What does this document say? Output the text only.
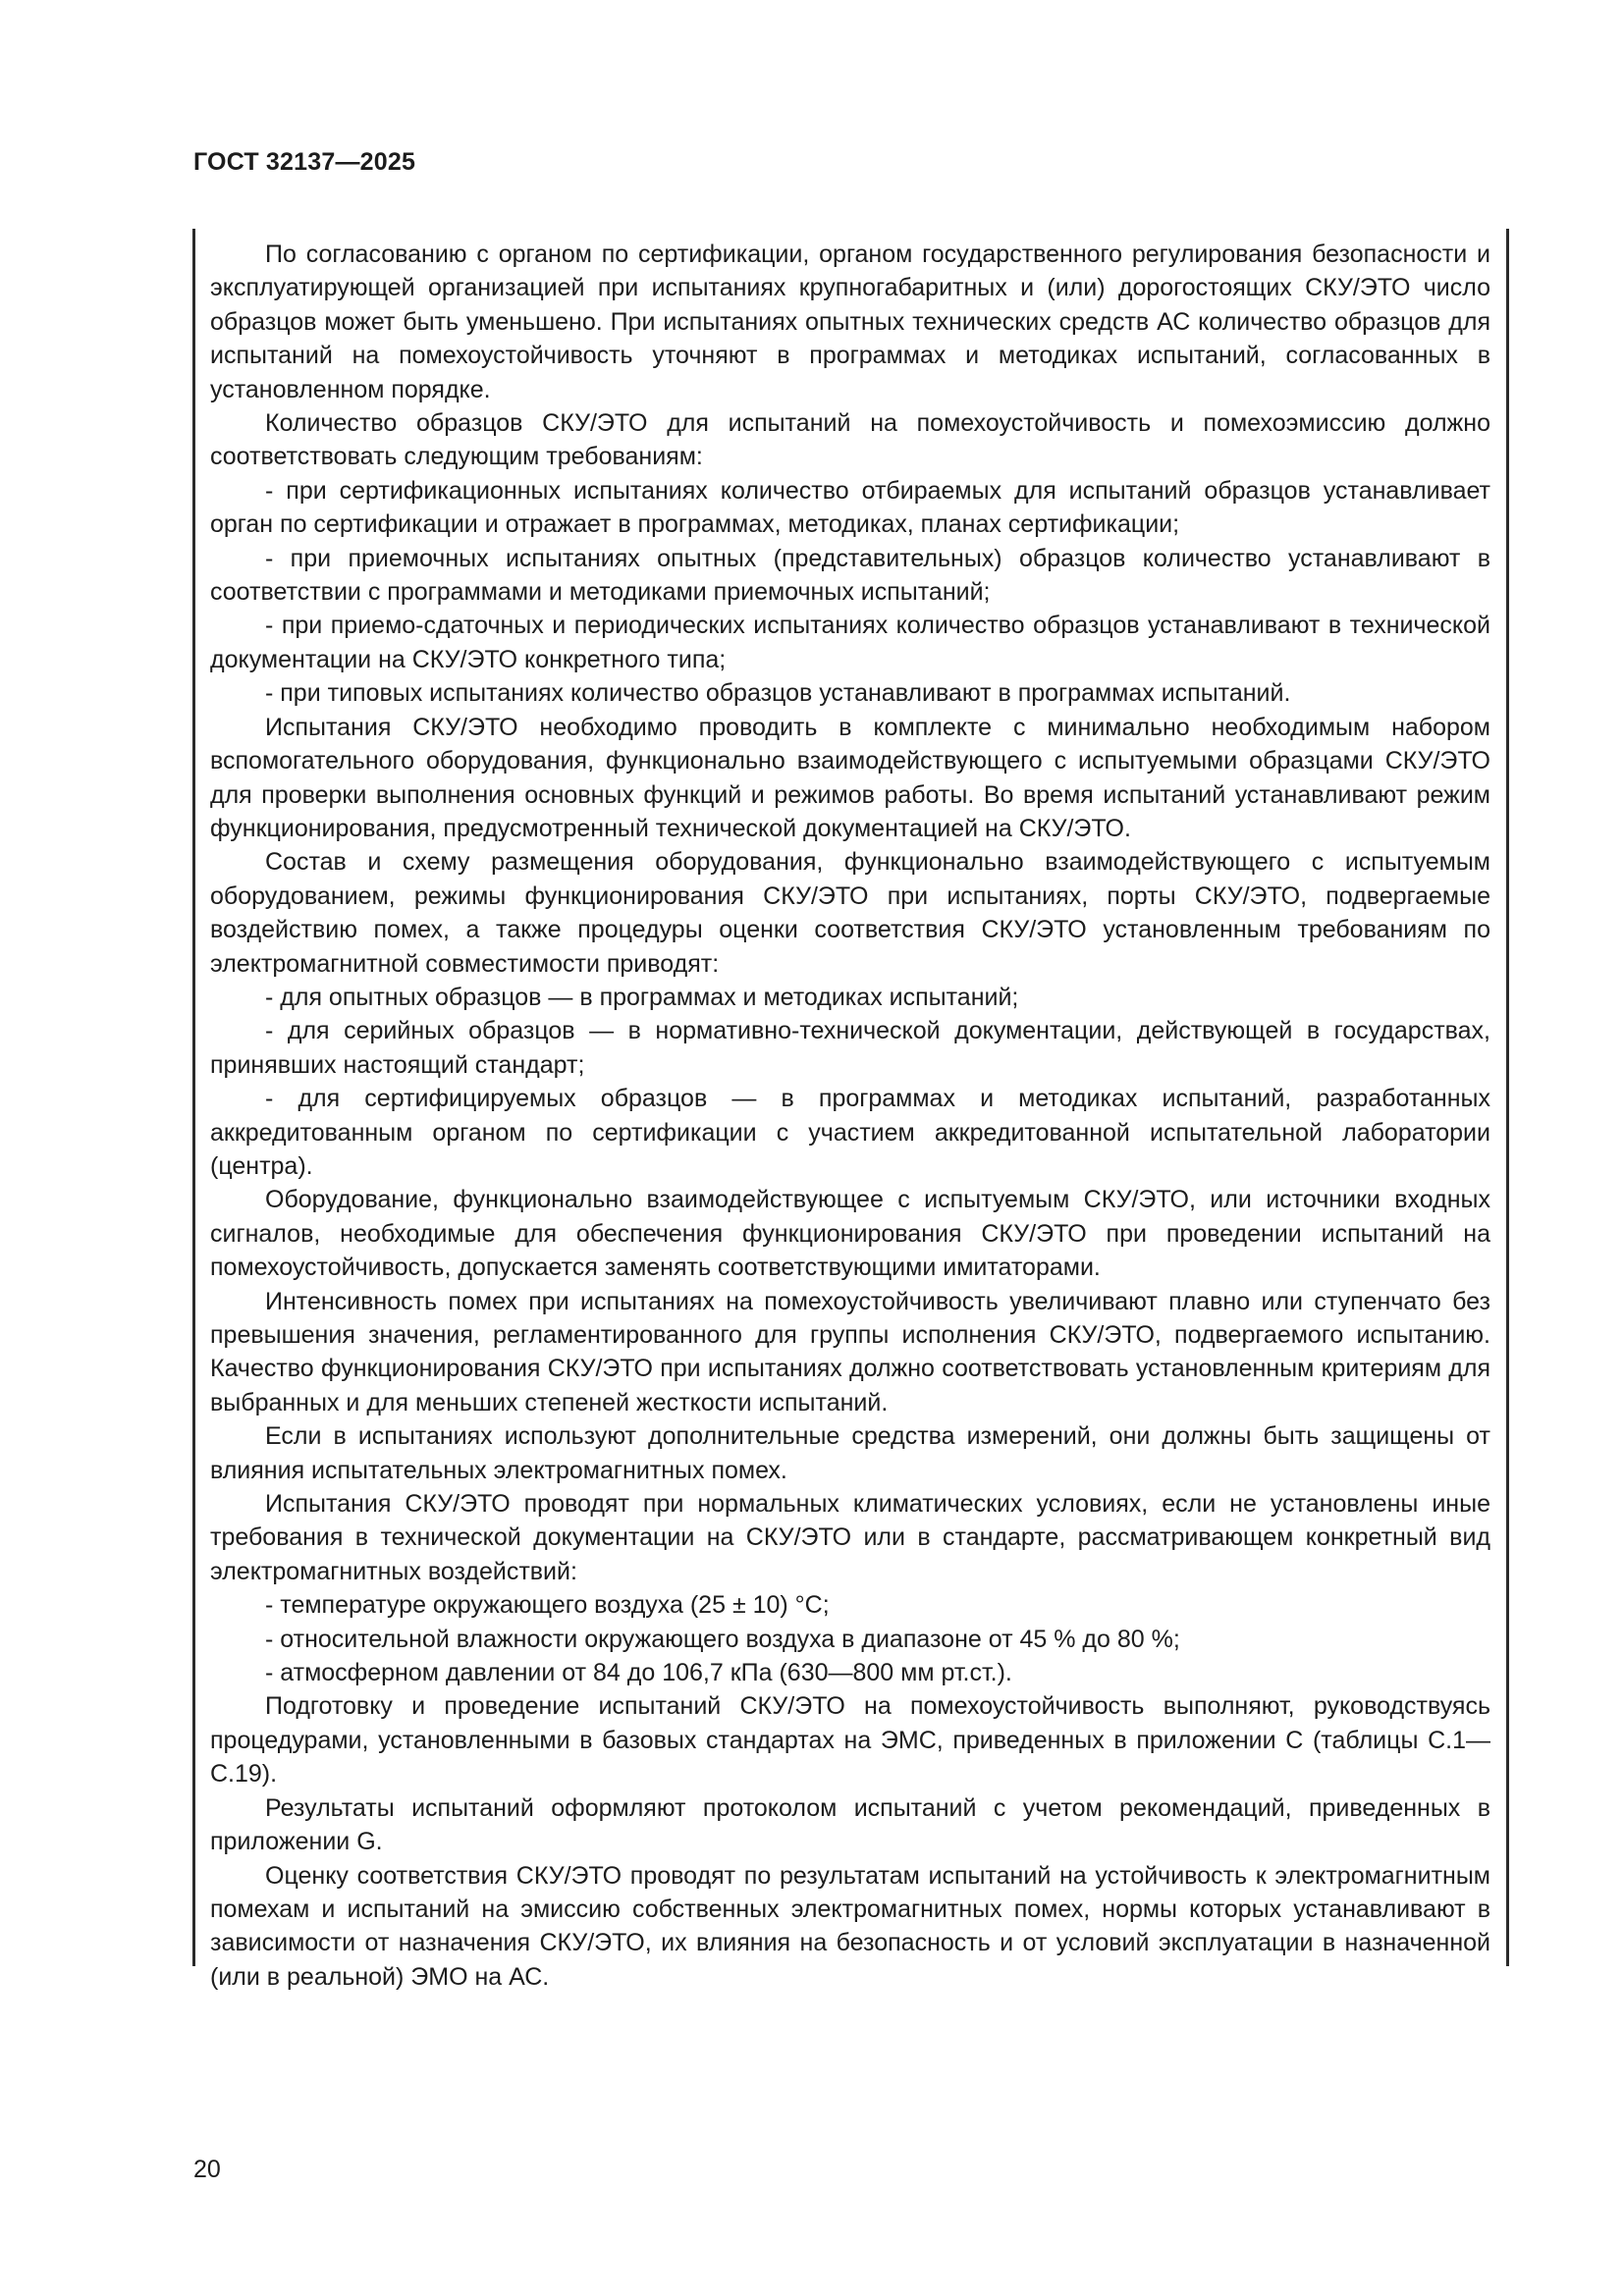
ГОСТ 32137—2025

По согласованию с органом по сертификации, органом государственного регулирования безопасности и эксплуатирующей организацией при испытаниях крупногабаритных и (или) дорогостоящих СКУ/ЭТО число образцов может быть уменьшено. При испытаниях опытных технических средств АС количество образцов для испытаний на помехоустойчивость уточняют в программах и методиках испытаний, согласованных в установленном порядке.

Количество образцов СКУ/ЭТО для испытаний на помехоустойчивость и помехоэмиссию должно соответствовать следующим требованиям:

- при сертификационных испытаниях количество отбираемых для испытаний образцов устанавливает орган по сертификации и отражает в программах, методиках, планах сертификации;

- при приемочных испытаниях опытных (представительных) образцов количество устанавливают в соответствии с программами и методиками приемочных испытаний;

- при приемо-сдаточных и периодических испытаниях количество образцов устанавливают в технической документации на СКУ/ЭТО конкретного типа;

- при типовых испытаниях количество образцов устанавливают в программах испытаний.

Испытания СКУ/ЭТО необходимо проводить в комплекте с минимально необходимым набором вспомогательного оборудования, функционально взаимодействующего с испытуемыми образцами СКУ/ЭТО для проверки выполнения основных функций и режимов работы. Во время испытаний устанавливают режим функционирования, предусмотренный технической документацией на СКУ/ЭТО.

Состав и схему размещения оборудования, функционально взаимодействующего с испытуемым оборудованием, режимы функционирования СКУ/ЭТО при испытаниях, порты СКУ/ЭТО, подвергаемые воздействию помех, а также процедуры оценки соответствия СКУ/ЭТО установленным требованиям по электромагнитной совместимости приводят:

- для опытных образцов — в программах и методиках испытаний;

- для серийных образцов — в нормативно-технической документации, действующей в государствах, принявших настоящий стандарт;

- для сертифицируемых образцов — в программах и методиках испытаний, разработанных аккредитованным органом по сертификации с участием аккредитованной испытательной лаборатории (центра).

Оборудование, функционально взаимодействующее с испытуемым СКУ/ЭТО, или источники входных сигналов, необходимые для обеспечения функционирования СКУ/ЭТО при проведении испытаний на помехоустойчивость, допускается заменять соответствующими имитаторами.

Интенсивность помех при испытаниях на помехоустойчивость увеличивают плавно или ступенчато без превышения значения, регламентированного для группы исполнения СКУ/ЭТО, подвергаемого испытанию. Качество функционирования СКУ/ЭТО при испытаниях должно соответствовать установленным критериям для выбранных и для меньших степеней жесткости испытаний.

Если в испытаниях используют дополнительные средства измерений, они должны быть защищены от влияния испытательных электромагнитных помех.

Испытания СКУ/ЭТО проводят при нормальных климатических условиях, если не установлены иные требования в технической документации на СКУ/ЭТО или в стандарте, рассматривающем конкретный вид электромагнитных воздействий:

- температуре окружающего воздуха (25 ± 10) °С;

- относительной влажности окружающего воздуха в диапазоне от 45 % до 80 %;

- атмосферном давлении от 84 до 106,7 кПа (630—800 мм рт.ст.).

Подготовку и проведение испытаний СКУ/ЭТО на помехоустойчивость выполняют, руководствуясь процедурами, установленными в базовых стандартах на ЭМС, приведенных в приложении С (таблицы С.1—С.19).

Результаты испытаний оформляют протоколом испытаний с учетом рекомендаций, приведенных в приложении G.

Оценку соответствия СКУ/ЭТО проводят по результатам испытаний на устойчивость к электромагнитным помехам и испытаний на эмиссию собственных электромагнитных помех, нормы которых устанавливают в зависимости от назначения СКУ/ЭТО, их влияния на безопасность и от условий эксплуатации в назначенной (или в реальной) ЭМО на АС.

20
